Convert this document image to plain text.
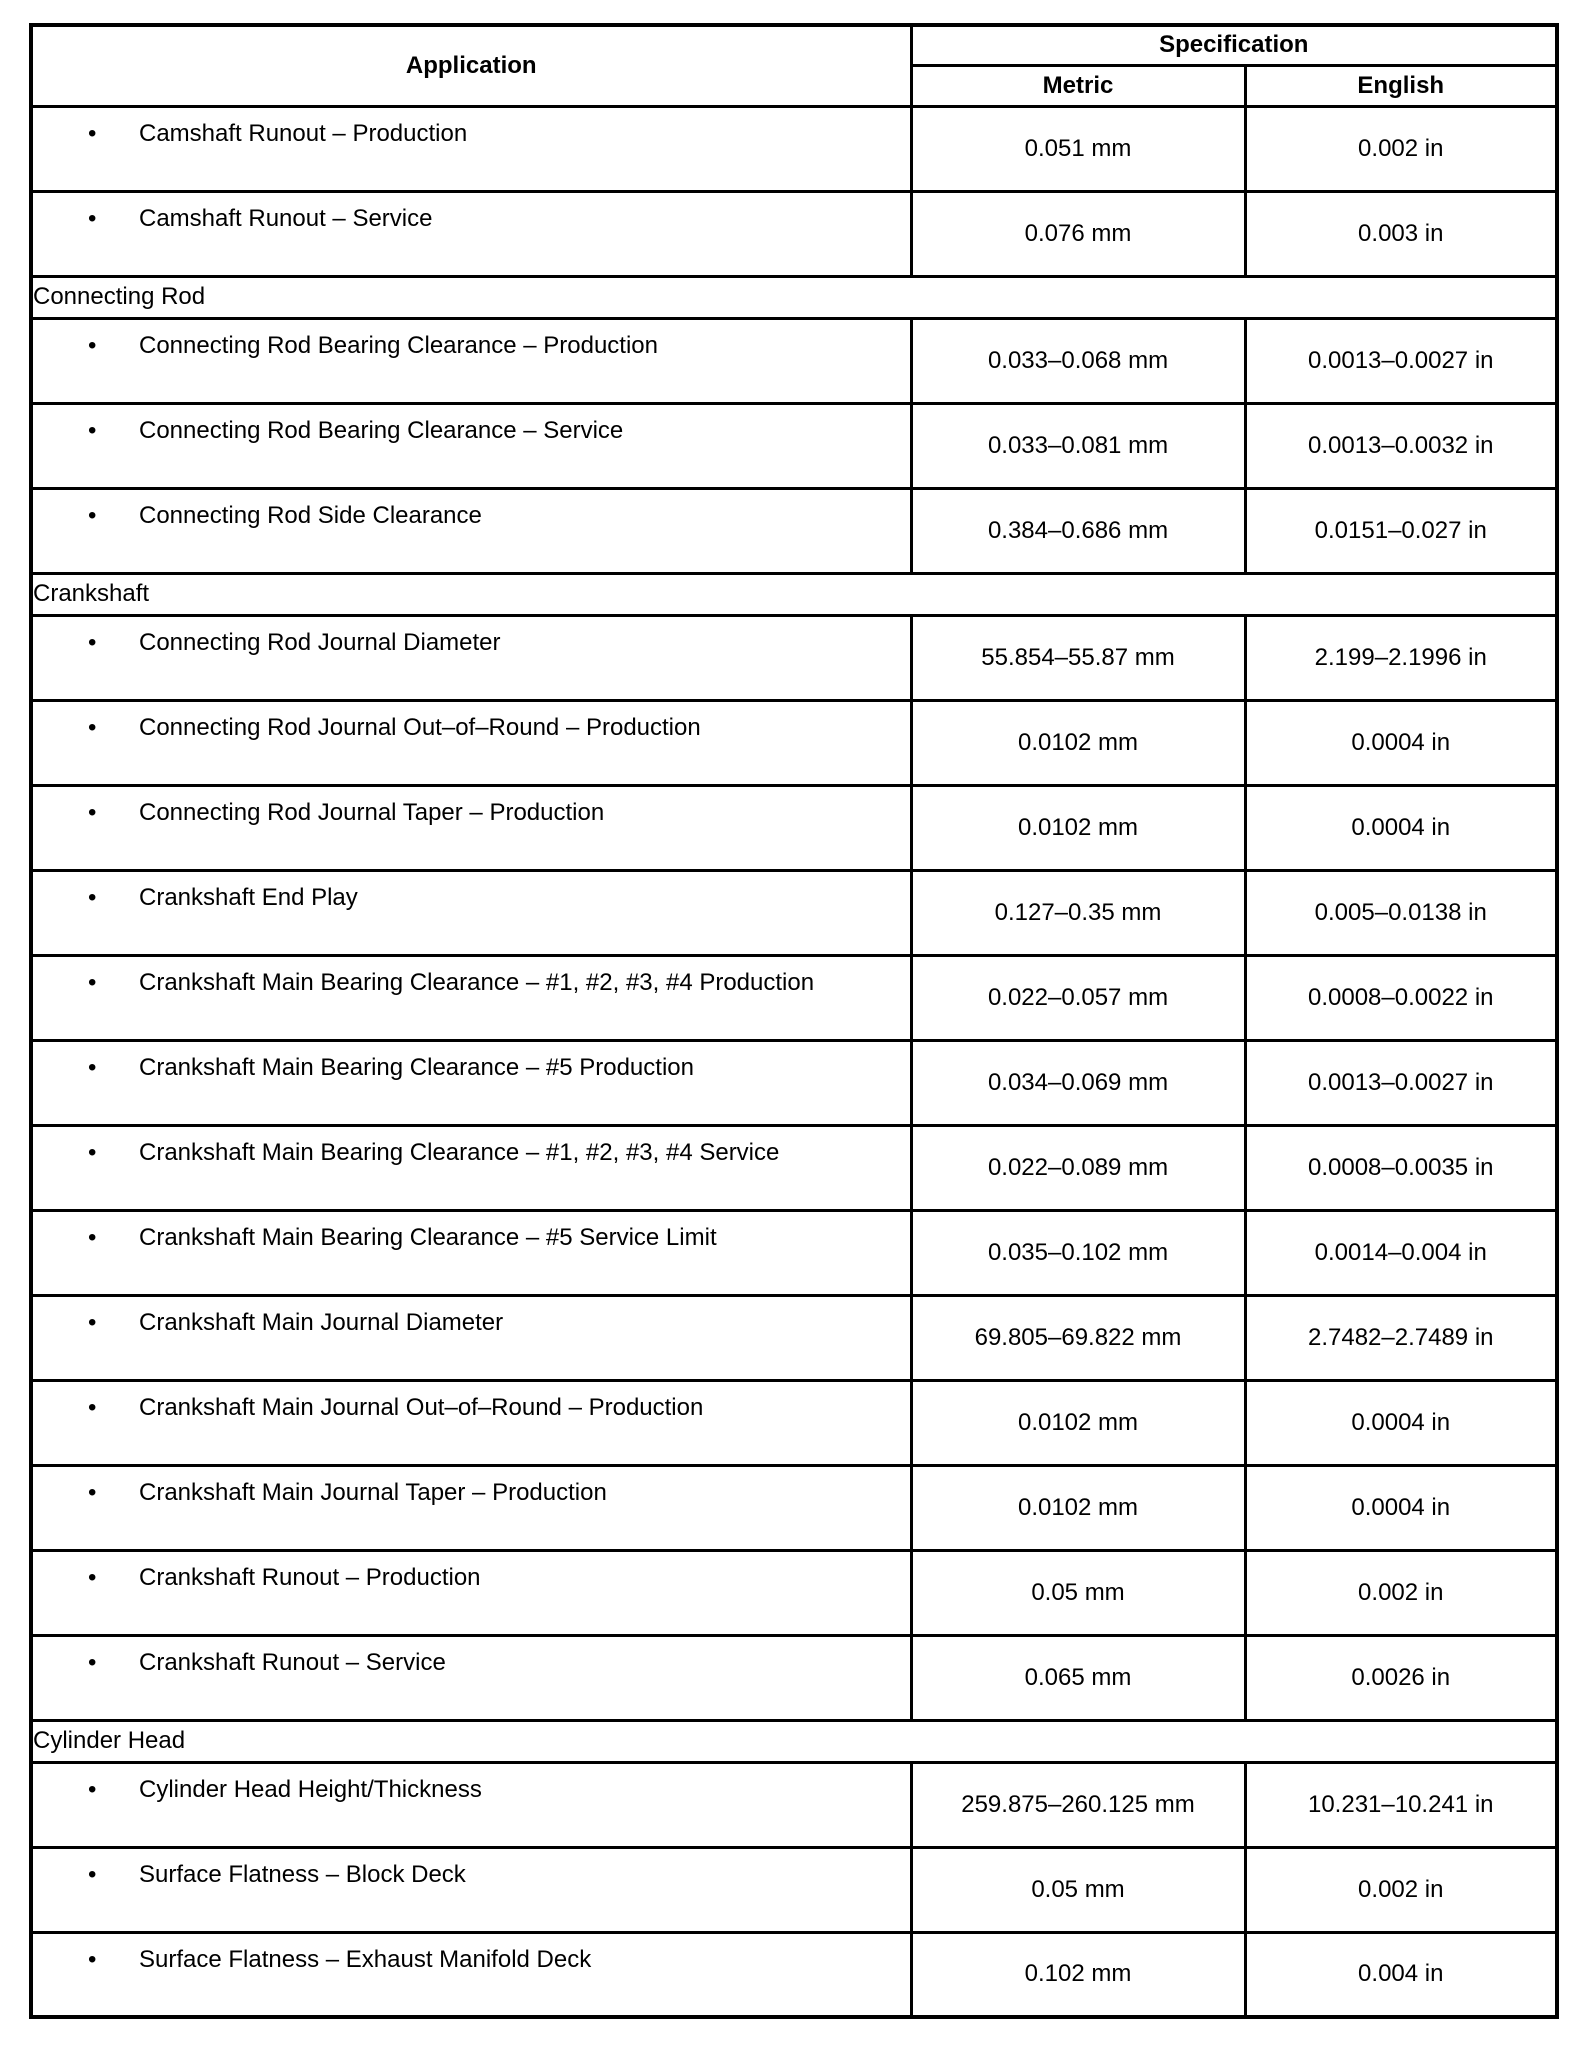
Application	Specification	
	Metric	English

• Camshaft Runout – Production	0.051 mm	0.002 in

• Camshaft Runout – Service	0.076 mm	0.003 in
Connecting Rod		

• Connecting Rod Bearing Clearance – Production	0.033–0.068 mm	0.0013–0.0027 in

• Connecting Rod Bearing Clearance – Service	0.033–0.081 mm	0.0013–0.0032 in

• Connecting Rod Side Clearance	0.384–0.686 mm	0.0151–0.027 in
Crankshaft		

• Connecting Rod Journal Diameter	55.854–55.87 mm	2.199–2.1996 in

• Connecting Rod Journal Out–of–Round – Production	0.0102 mm	0.0004 in

• Connecting Rod Journal Taper – Production	0.0102 mm	0.0004 in

• Crankshaft End Play	0.127–0.35 mm	0.005–0.0138 in

• Crankshaft Main Bearing Clearance – #1, #2, #3, #4 Production	0.022–0.057 mm	0.0008–0.0022 in

• Crankshaft Main Bearing Clearance – #5 Production	0.034–0.069 mm	0.0013–0.0027 in

• Crankshaft Main Bearing Clearance – #1, #2, #3, #4 Service	0.022–0.089 mm	0.0008–0.0035 in

• Crankshaft Main Bearing Clearance – #5 Service Limit	0.035–0.102 mm	0.0014–0.004 in

• Crankshaft Main Journal Diameter	69.805–69.822 mm	2.7482–2.7489 in

• Crankshaft Main Journal Out–of–Round – Production	0.0102 mm	0.0004 in

• Crankshaft Main Journal Taper – Production	0.0102 mm	0.0004 in

• Crankshaft Runout – Production	0.05 mm	0.002 in

• Crankshaft Runout – Service	0.065 mm	0.0026 in
Cylinder Head		

• Cylinder Head Height/Thickness	259.875–260.125 mm	10.231–10.241 in

• Surface Flatness – Block Deck	0.05 mm	0.002 in

• Surface Flatness – Exhaust Manifold Deck	0.102 mm	0.004 in
